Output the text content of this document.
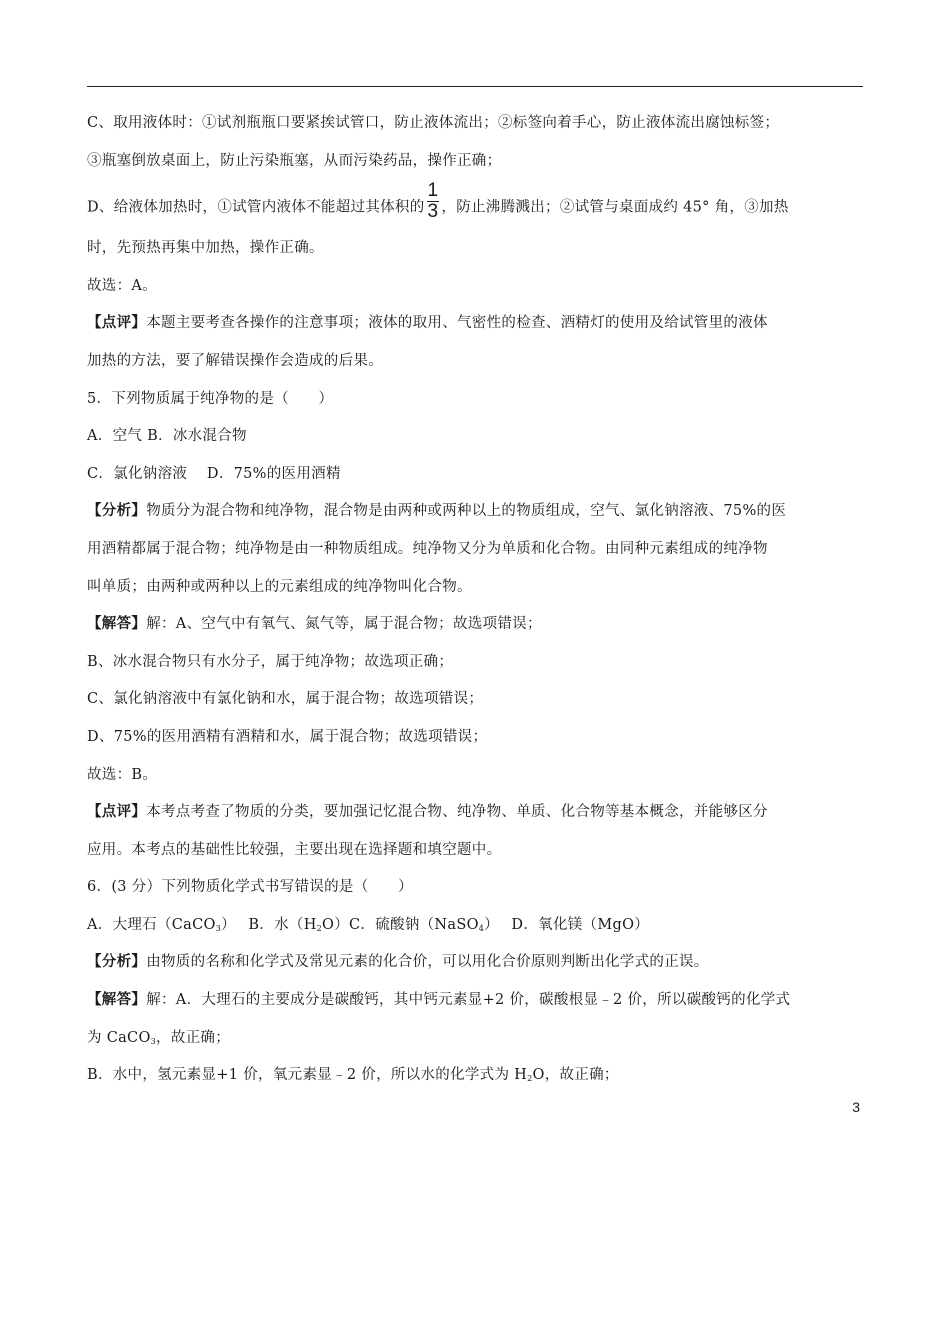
C、取用液体时：①试剂瓶瓶口要紧挨试管口，防止液体流出；②标签向着手心，防止液体流出腐蚀标签；
③瓶塞倒放桌面上，防止污染瓶塞，从而污染药品，操作正确；
D、给液体加热时，①试管内液体不能超过其体积的 $\frac{1}{3}$ ，防止沸腾溅出；②试管与桌面成约 45° 角，③加热
时，先预热再集中加热，操作正确。
故选：A。
【点评】本题主要考查各操作的注意事项；液体的取用、气密性的检查、酒精灯的使用及给试管里的液体
加热的方法，要了解错误操作会造成的后果。
5．下列物质属于纯净物的是（　　）
A．空气 B．冰水混合物
C．氯化钠溶液　 D．75%的医用酒精
【分析】物质分为混合物和纯净物，混合物是由两种或两种以上的物质组成，空气、氯化钠溶液、75%的医
用酒精都属于混合物；纯净物是由一种物质组成。纯净物又分为单质和化合物。由同种元素组成的纯净物
叫单质；由两种或两种以上的元素组成的纯净物叫化合物。
【解答】解：A、空气中有氧气、氮气等，属于混合物；故选项错误；
B、冰水混合物只有水分子，属于纯净物；故选项正确；
C、氯化钠溶液中有氯化钠和水，属于混合物；故选项错误；
D、75%的医用酒精有酒精和水，属于混合物；故选项错误；
故选：B。
【点评】本考点考查了物质的分类，要加强记忆混合物、纯净物、单质、化合物等基本概念，并能够区分
应用。本考点的基础性比较强，主要出现在选择题和填空题中。
6．(3 分）下列物质化学式书写错误的是（　　）
A．大理石（CaCO$_3$）　 B．水$(H_2O)C$．硫酸钠（NaSO$_4$）　 D．氧化镁（MgO）
【分析】由物质的名称和化学式及常见元素的化合价，可以用化合价原则判断出化学式的正误。
【解答】解：A．大理石的主要成分是碳酸钙，其中钙元素显+2 价，碳酸根显﹣2 价，所以碳酸钙的化学式
为 CaCO$_3$，故正确；
B．水中，氢元素显+1 价，氧元素显﹣2 价，所以水的化学式为 $H_2O$，故正确；
3
